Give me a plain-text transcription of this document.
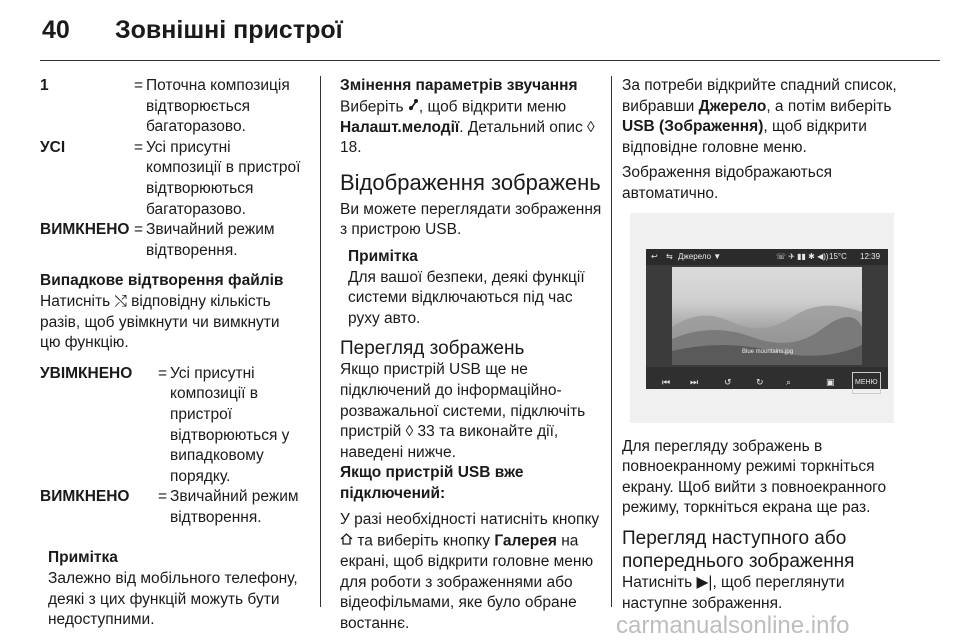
40 Зовнішні пристрої
1	= Поточна композиція відтворюється багаторазово.
УСІ	= Усі присутні композиції в пристрої відтворюються багаторазово.
ВИМКНЕНО = Звичайний режим відтворення.

Випадкове відтворення файлів

Натисніть ⤭ відповідну кількість разів, щоб увімкнути чи вимкнути цю функцію.

УВІМКНЕНО	= Усі присутні композиції в пристрої відтворюються у випадковому порядку.
ВИМКНЕНО	= Звичайний режим відтворення.

Примітка

Залежно від мобільного телефону, деякі з цих функцій можуть бути недоступними.

Змінення параметрів звучання

Виберіть , щоб відкрити меню Налашт.мелодії. Детальний опис ◊ 18.

Відображення зображень

Ви можете переглядати зображення з пристрою USB.

Примітка

Для вашої безпеки, деякі функції системи відключаються під час руху авто.

Перегляд зображень

Якщо пристрій USB ще не підключений до інформаційно-розважальної системи, підключіть пристрій ◊ 33 та виконайте дії, наведені нижче.

Якщо пристрій USB вже підключений:

У разі необхідності натисніть кнопку  та виберіть кнопку Галерея на екрані, щоб відкрити головне меню для роботи з зображеннями або відеофільмами, яке було обране востаннє.

За потреби відкрийте спадний список, вибравши Джерело, а потім виберіть USB (Зображення), щоб відкрити відповідне головне меню.

Зображення відображаються автоматично.

↩ ⇆ Джерело ▼	☏ ✈ ▮▮ ✱ ◀)) 15°C 12:39
Blue mountains.jpg
⏮ ⏭	↺	↻ ⌕	▣	МЕНЮ

Для перегляду зображень в повноекранному режимі торкніться екрану. Щоб вийти з повноекранного режиму, торкніться екрана ще раз.

Перегляд наступного або попереднього зображення

Натисніть ▶|, щоб переглянути наступне зображення.

carmanualsonline.info
